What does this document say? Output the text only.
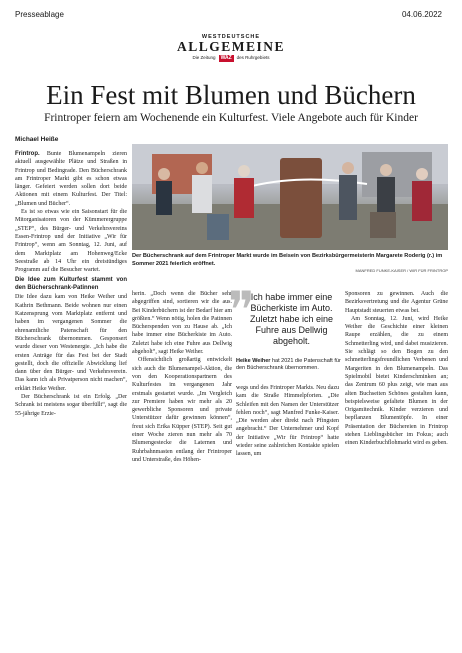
Presseablage	04.06.2022
WESTDEUTSCHE
ALLGEMEINE
Die Zeitung WAZ des Ruhrgebiets
Ein Fest mit Blumen und Büchern
Frintroper feiern am Wochenende ein Kulturfest. Viele Angebote auch für Kinder
Michael Heiße

Frintrop. Bunte Blumenampeln zieren aktuell ausgewählte Plätze und Straßen in Frintrop und Bedingrade. Den Bücherschrank am Frintroper Markt gibt es schon etwas länger. Gefeiert werden sollen dort beide Aktionen mit einem Kulturfest. Der Titel: „Blumen und Bücher“.

Es ist so etwas wie ein Saisonstart für die Mitorganisatoren von der Kümmerergruppe „STEP“, des Bürger- und Verkehrsvereins Essen-Frintrop und der Initiative „Wir für Frintrop“, wenn am Sonntag, 12. Juni, auf dem Marktplatz am Hohenweg/Ecke Seestraße ab 14 Uhr ein dreistündiges Programm auf die Besucher wartet.

Die Idee zum Kulturfest stammt von den Bücherschrank-Patinnen

Die Idee dazu kam von Heike Weiher und Kathrin Bethmann. Beide wohnen nur einen Katzensprung vom Marktplatz entfernt und haben im vergangenen Sommer die ehrenamtliche Patenschaft für den Bücherschrank übernommen. Gesponsert wurde dieser von Westenergie. „Ich habe die ersten Anträge für das Fest bei der Stadt gestellt, doch die offizielle Abwicklung lief dann über den Bürger- und Verkehrsverein. Das kann ich als Privatperson nicht machen“, erklärt Heike Weiher.

Der Bücherschrank ist ein Erfolg. „Der Schrank ist meistens sogar überfüllt“, sagt die 55-jährige Erzie-

Der Bücherschrank auf dem Frintroper Markt wurde im Beisein von Bezirksbürgermeisterin Margarete Roderig (r.) im Sommer 2021 feierlich eröffnet.
MANFRED FUNKE-KAISER / WIR FÜR FRINTROP

herin. „Doch wenn die Bücher sehr abgegriffen sind, sortieren wir die aus. Bei Kinderbüchern ist der Bedarf hier am größten.“ Wenn nötig, holen die Patinnen Bücherspenden von zu Hause ab. „Ich habe immer eine Bücherkiste im Auto. Zuletzt habe ich eine Fuhre aus Dellwig abgeholt“, sagt Heike Weiher.

Offensichtlich großartig entwickelt sich auch die Blumenampel-Aktion, die von den Kooperationspartnern des Kulturfestes im vergangenen Jahr erstmals gestartet wurde. „Im Vergleich zur Premiere haben wir mehr als 20 gewerbliche Sponsoren und private Unterstützer dafür gewinnen können“, freut sich Erika Küpper (STEP). Seit gut einer Woche zieren nun mehr als 70 Blumengestecke die Laternen und Ruhrbahnmasten entlang der Frintroper und Unterstraße, des Höhen-

❞
Ich habe immer eine Bücherkiste im Auto. Zuletzt habe ich eine Fuhre aus Dellwig abgeholt.
Heike Weiher hat 2021 die Patenschaft für den Bücherschrank übernommen.

wegs und des Frintroper Markts. Neu dazu kam die Straße Himmelpforten. „Die Schleifen mit den Namen der Unterstützer fehlen noch“, sagt Manfred Funke-Kaiser. „Die werden aber direkt nach Pfingsten angebracht.“ Der Unternehmer und Kopf der Initiative „Wir für Frintrop“ hatte wieder seine zahlreichen Kontakte spielen lassen, um

Sponsoren zu gewinnen. Auch die Bezirksvertretung und die Agentur Grüne Hauptstadt steuerten etwas bei.

Am Sonntag, 12. Juni, wird Heike Weiher die Geschichte einer kleinen Raupe erzählen, die zu einem Schmetterling wird, und dabei musizieren. Sie schlägt so den Bogen zu den schmetterlingsfreundlichen Verbenen und Margeriten in den Blumenampeln. Das Spielmobil bietet Kinderschminken an; das Zentrum 60 plus zeigt, wie man aus alten Buchseiten Schönes gestalten kann, beispielsweise gefaltete Blumen in der Origamitechnik. Kinder verzieren und bepflanzen Blumentöpfe. In einer Präsentation der Büchereien in Frintrop stehen Lieblingsbücher im Fokus; auch einen Kinderbuchflohmarkt wird es geben.
